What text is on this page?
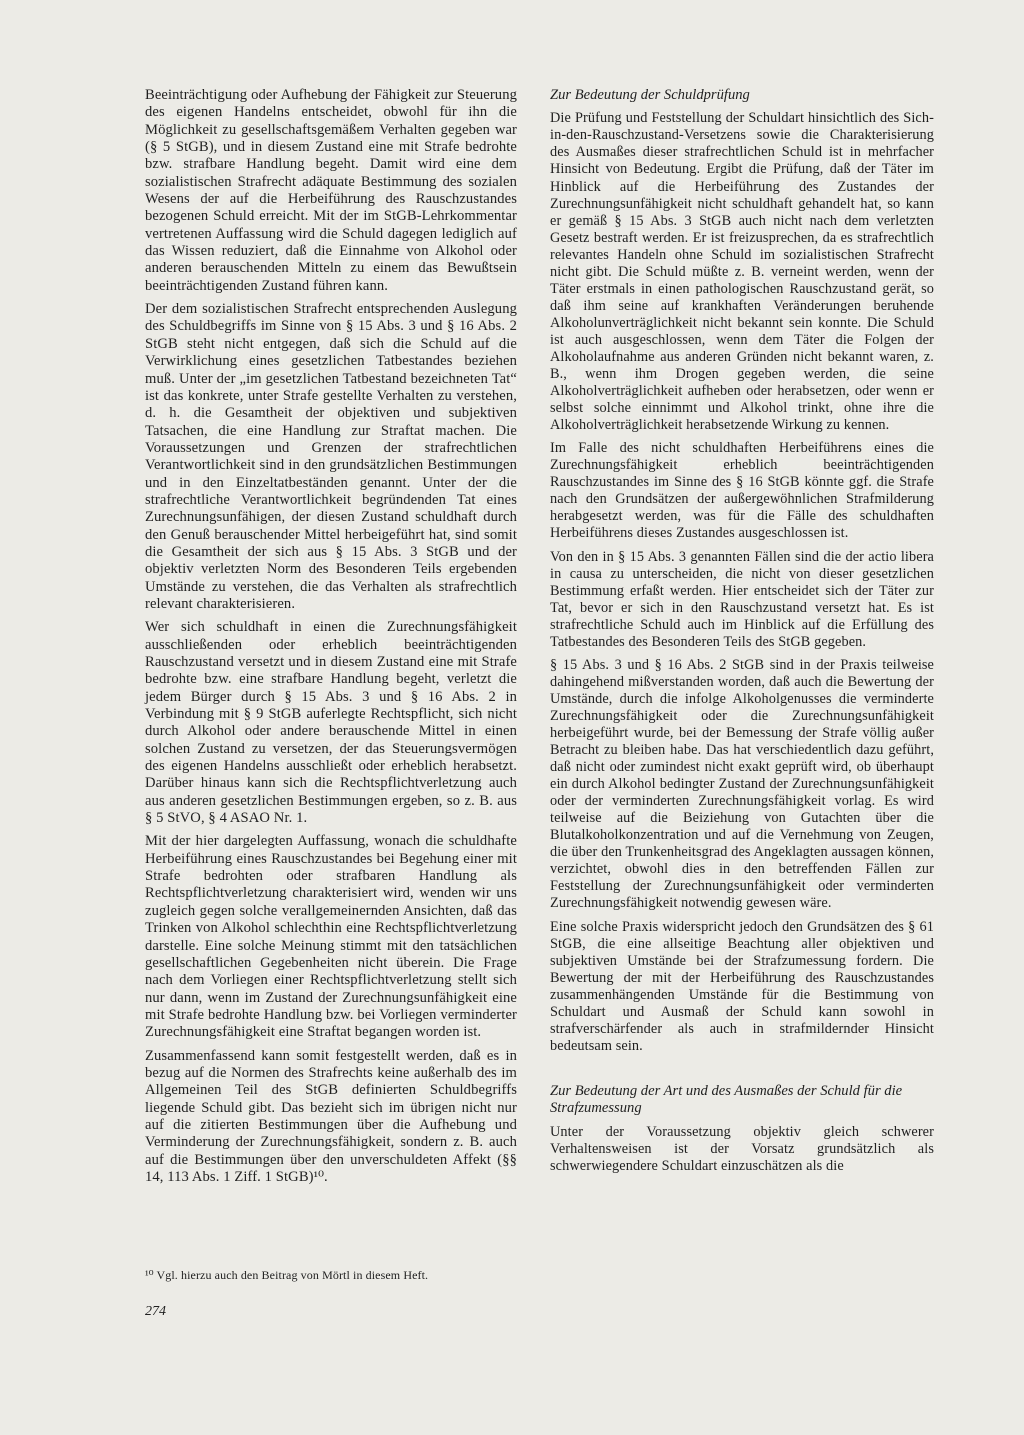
Beeinträchtigung oder Aufhebung der Fähigkeit zur Steuerung des eigenen Handelns entscheidet, obwohl für ihn die Möglichkeit zu gesellschaftsgemäßem Verhalten gegeben war (§ 5 StGB), und in diesem Zustand eine mit Strafe bedrohte bzw. strafbare Handlung begeht. Damit wird eine dem sozialistischen Strafrecht adäquate Bestimmung des sozialen Wesens der auf die Herbeiführung des Rauschzustandes bezogenen Schuld erreicht. Mit der im StGB-Lehrkommentar vertretenen Auffassung wird die Schuld dagegen lediglich auf das Wissen reduziert, daß die Einnahme von Alkohol oder anderen berauschenden Mitteln zu einem das Bewußtsein beeinträchtigenden Zustand führen kann.

Der dem sozialistischen Strafrecht entsprechenden Auslegung des Schuldbegriffs im Sinne von § 15 Abs. 3 und § 16 Abs. 2 StGB steht nicht entgegen, daß sich die Schuld auf die Verwirklichung eines gesetzlichen Tatbestandes beziehen muß. Unter der „im gesetzlichen Tatbestand bezeichneten Tat“ ist das konkrete, unter Strafe gestellte Verhalten zu verstehen, d. h. die Gesamtheit der objektiven und subjektiven Tatsachen, die eine Handlung zur Straftat machen. Die Voraussetzungen und Grenzen der strafrechtlichen Verantwortlichkeit sind in den grundsätzlichen Bestimmungen und in den Einzeltatbeständen genannt. Unter der die strafrechtliche Verantwortlichkeit begründenden Tat eines Zurechnungsunfähigen, der diesen Zustand schuldhaft durch den Genuß berauschender Mittel herbeigeführt hat, sind somit die Gesamtheit der sich aus § 15 Abs. 3 StGB und der objektiv verletzten Norm des Besonderen Teils ergebenden Umstände zu verstehen, die das Verhalten als strafrechtlich relevant charakterisieren.

Wer sich schuldhaft in einen die Zurechnungsfähigkeit ausschließenden oder erheblich beeinträchtigenden Rauschzustand versetzt und in diesem Zustand eine mit Strafe bedrohte bzw. eine strafbare Handlung begeht, verletzt die jedem Bürger durch § 15 Abs. 3 und § 16 Abs. 2 in Verbindung mit § 9 StGB auferlegte Rechtspflicht, sich nicht durch Alkohol oder andere berauschende Mittel in einen solchen Zustand zu versetzen, der das Steuerungsvermögen des eigenen Handelns ausschließt oder erheblich herabsetzt. Darüber hinaus kann sich die Rechtspflichtverletzung auch aus anderen gesetzlichen Bestimmungen ergeben, so z. B. aus § 5 StVO, § 4 ASAO Nr. 1.

Mit der hier dargelegten Auffassung, wonach die schuldhafte Herbeiführung eines Rauschzustandes bei Begehung einer mit Strafe bedrohten oder strafbaren Handlung als Rechtspflichtverletzung charakterisiert wird, wenden wir uns zugleich gegen solche verallgemeinernden Ansichten, daß das Trinken von Alkohol schlechthin eine Rechtspflichtverletzung darstelle. Eine solche Meinung stimmt mit den tatsächlichen gesellschaftlichen Gegebenheiten nicht überein. Die Frage nach dem Vorliegen einer Rechtspflichtverletzung stellt sich nur dann, wenn im Zustand der Zurechnungsunfähigkeit eine mit Strafe bedrohte Handlung bzw. bei Vorliegen verminderter Zurechnungsfähigkeit eine Straftat begangen worden ist.

Zusammenfassend kann somit festgestellt werden, daß es in bezug auf die Normen des Strafrechts keine außerhalb des im Allgemeinen Teil des StGB definierten Schuldbegriffs liegende Schuld gibt. Das bezieht sich im übrigen nicht nur auf die zitierten Bestimmungen über die Aufhebung und Verminderung der Zurechnungsfähigkeit, sondern z. B. auch auf die Bestimmungen über den unverschuldeten Affekt (§§ 14, 113 Abs. 1 Ziff. 1 StGB)¹⁰.

¹⁰ Vgl. hierzu auch den Beitrag von Mörtl in diesem Heft.

274
Zur Bedeutung der Schuldprüfung

Die Prüfung und Feststellung der Schuldart hinsichtlich des Sich-in-den-Rauschzustand-Versetzens sowie die Charakterisierung des Ausmaßes dieser strafrechtlichen Schuld ist in mehrfacher Hinsicht von Bedeutung. Ergibt die Prüfung, daß der Täter im Hinblick auf die Herbeiführung des Zustandes der Zurechnungsunfähigkeit nicht schuldhaft gehandelt hat, so kann er gemäß § 15 Abs. 3 StGB auch nicht nach dem verletzten Gesetz bestraft werden. Er ist freizusprechen, da es strafrechtlich relevantes Handeln ohne Schuld im sozialistischen Strafrecht nicht gibt. Die Schuld müßte z. B. verneint werden, wenn der Täter erstmals in einen pathologischen Rauschzustand gerät, so daß ihm seine auf krankhaften Veränderungen beruhende Alkoholunverträglichkeit nicht bekannt sein konnte. Die Schuld ist auch ausgeschlossen, wenn dem Täter die Folgen der Alkoholaufnahme aus anderen Gründen nicht bekannt waren, z. B., wenn ihm Drogen gegeben werden, die seine Alkoholverträglichkeit aufheben oder herabsetzen, oder wenn er selbst solche einnimmt und Alkohol trinkt, ohne ihre die Alkoholverträglichkeit herabsetzende Wirkung zu kennen.

Im Falle des nicht schuldhaften Herbeiführens eines die Zurechnungsfähigkeit erheblich beeinträchtigenden Rauschzustandes im Sinne des § 16 StGB könnte ggf. die Strafe nach den Grundsätzen der außergewöhnlichen Strafmilderung herabgesetzt werden, was für die Fälle des schuldhaften Herbeiführens dieses Zustandes ausgeschlossen ist.

Von den in § 15 Abs. 3 genannten Fällen sind die der actio libera in causa zu unterscheiden, die nicht von dieser gesetzlichen Bestimmung erfaßt werden. Hier entscheidet sich der Täter zur Tat, bevor er sich in den Rauschzustand versetzt hat. Es ist strafrechtliche Schuld auch im Hinblick auf die Erfüllung des Tatbestandes des Besonderen Teils des StGB gegeben.

§ 15 Abs. 3 und § 16 Abs. 2 StGB sind in der Praxis teilweise dahingehend mißverstanden worden, daß auch die Bewertung der Umstände, durch die infolge Alkoholgenusses die verminderte Zurechnungsfähigkeit oder die Zurechnungsunfähigkeit herbeigeführt wurde, bei der Bemessung der Strafe völlig außer Betracht zu bleiben habe. Das hat verschiedentlich dazu geführt, daß nicht oder zumindest nicht exakt geprüft wird, ob überhaupt ein durch Alkohol bedingter Zustand der Zurechnungsunfähigkeit oder der verminderten Zurechnungsfähigkeit vorlag. Es wird teilweise auf die Beiziehung von Gutachten über die Blutalkoholkonzentration und auf die Vernehmung von Zeugen, die über den Trunkenheitsgrad des Angeklagten aussagen können, verzichtet, obwohl dies in den betreffenden Fällen zur Feststellung der Zurechnungsunfähigkeit oder verminderten Zurechnungsfähigkeit notwendig gewesen wäre.

Eine solche Praxis widerspricht jedoch den Grundsätzen des § 61 StGB, die eine allseitige Beachtung aller objektiven und subjektiven Umstände bei der Strafzumessung fordern. Die Bewertung der mit der Herbeiführung des Rauschzustandes zusammenhängenden Umstände für die Bestimmung von Schuldart und Ausmaß der Schuld kann sowohl in strafverschärfender als auch in strafmildernder Hinsicht bedeutsam sein.

Zur Bedeutung der Art und des Ausmaßes der Schuld für die Strafzumessung

Unter der Voraussetzung objektiv gleich schwerer Verhaltensweisen ist der Vorsatz grundsätzlich als schwerwiegendere Schuldart einzuschätzen als die
